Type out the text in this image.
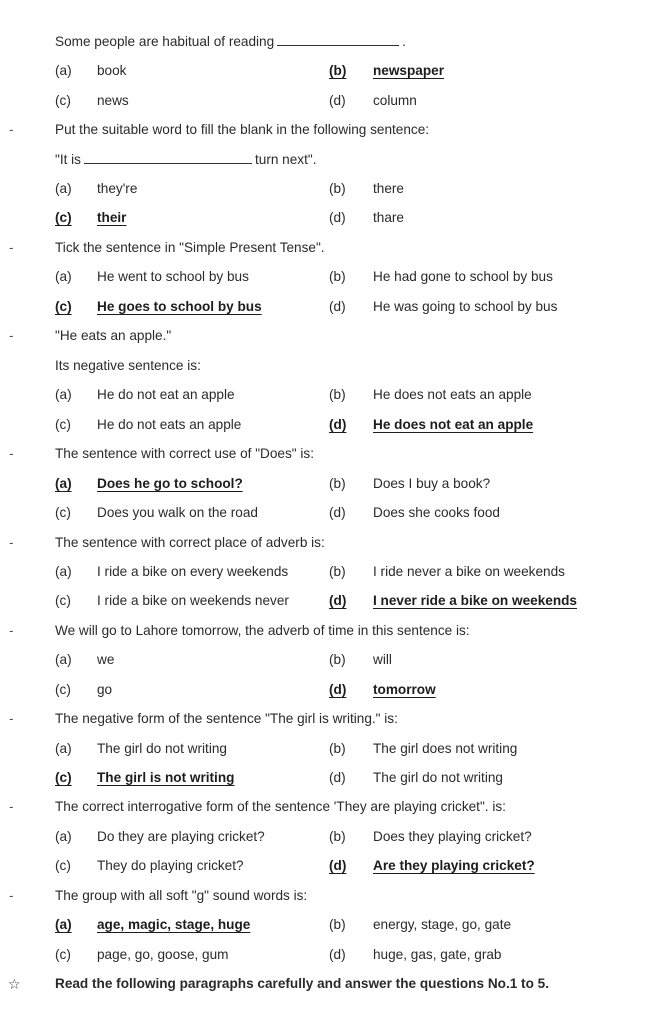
Some people are habitual of reading	.
(a) book	(b) newspaper
(c) news	(d) column
-	Put the suitable word to fill the blank in the following sentence:
"It is	turn next".
(a) they're	(b) there
(c) their	(d) thare
-	Tick the sentence in "Simple Present Tense".
(a) He went to school by bus	(b) He had gone to school by bus
(c) He goes to school by bus	(d) He was going to school by bus
-	"He eats an apple."
Its negative sentence is:
(a) He do not eat an apple	(b) He does not eats an apple
(c) He do not eats an apple	(d) He does not eat an apple
-	The sentence with correct use of "Does" is:
(a) Does he go to school?	(b) Does I buy a book?
(c) Does you walk on the road	(d) Does she cooks food
-	The sentence with correct place of adverb is:
(a) I ride a bike on every weekends	(b) I ride never a bike on weekends
(c) I ride a bike on weekends never	(d) I never ride a bike on weekends
-	We will go to Lahore tomorrow, the adverb of time in this sentence is:
(a) we	(b) will
(c) go	(d) tomorrow
-	The negative form of the sentence "The girl is writing." is:
(a) The girl do not writing	(b) The girl does not writing
(c) The girl is not writing	(d) The girl do not writing
-	The correct interrogative form of the sentence 'They are playing cricket". is:
(a) Do they are playing cricket?	(b) Does they playing cricket?
(c) They do playing cricket?	(d) Are they playing cricket?
-	The group with all soft "g" sound words is:
(a) age, magic, stage, huge	(b) energy, stage, go, gate
(c) page, go, goose, gum	(d) huge, gas, gate, grab
☆	Read the following paragraphs carefully and answer the questions No.1 to 5.
